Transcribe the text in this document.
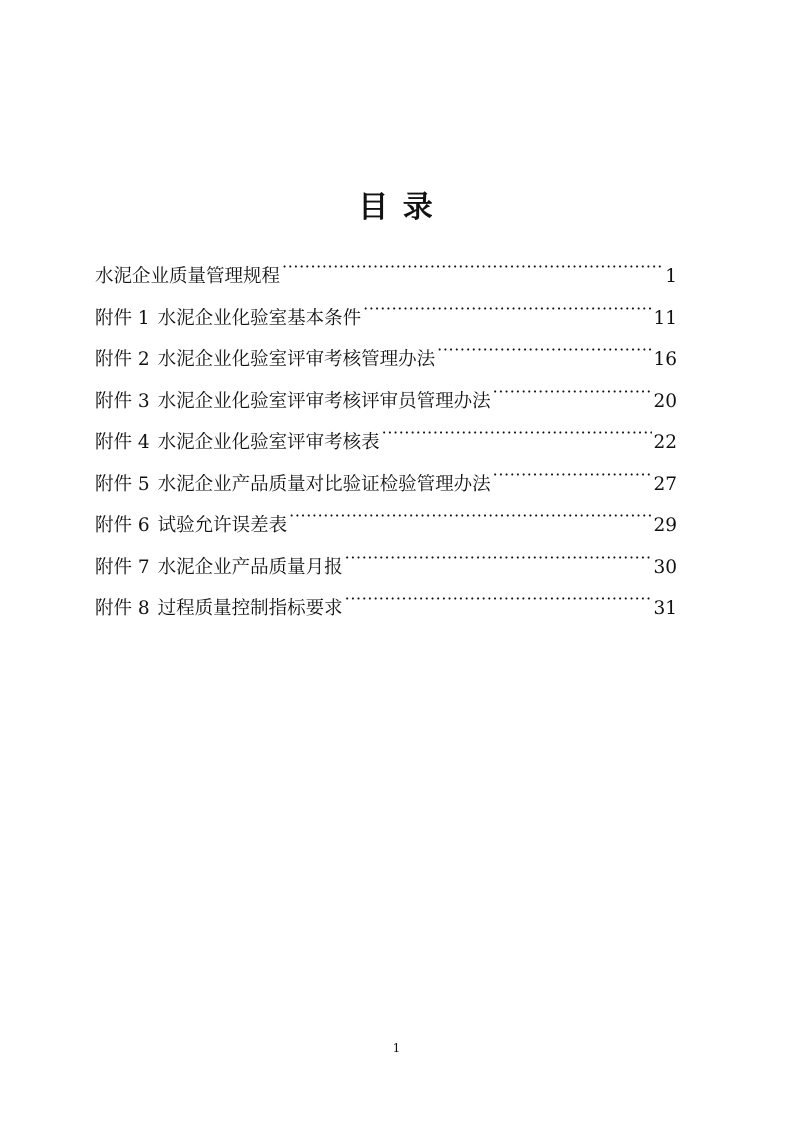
目 录
水泥企业质量管理规程 ·····	1
附件 1 水泥企业化验室基本条件 ·····	11
附件 2 水泥企业化验室评审考核管理办法 ·····	16
附件 3 水泥企业化验室评审考核评审员管理办法 ·····	20
附件 4 水泥企业化验室评审考核表 ·····	22
附件 5 水泥企业产品质量对比验证检验管理办法 ·····	27
附件 6 试验允许误差表 ·····	29
附件 7 水泥企业产品质量月报 ·····	30
附件 8 过程质量控制指标要求 ·····	31
1
